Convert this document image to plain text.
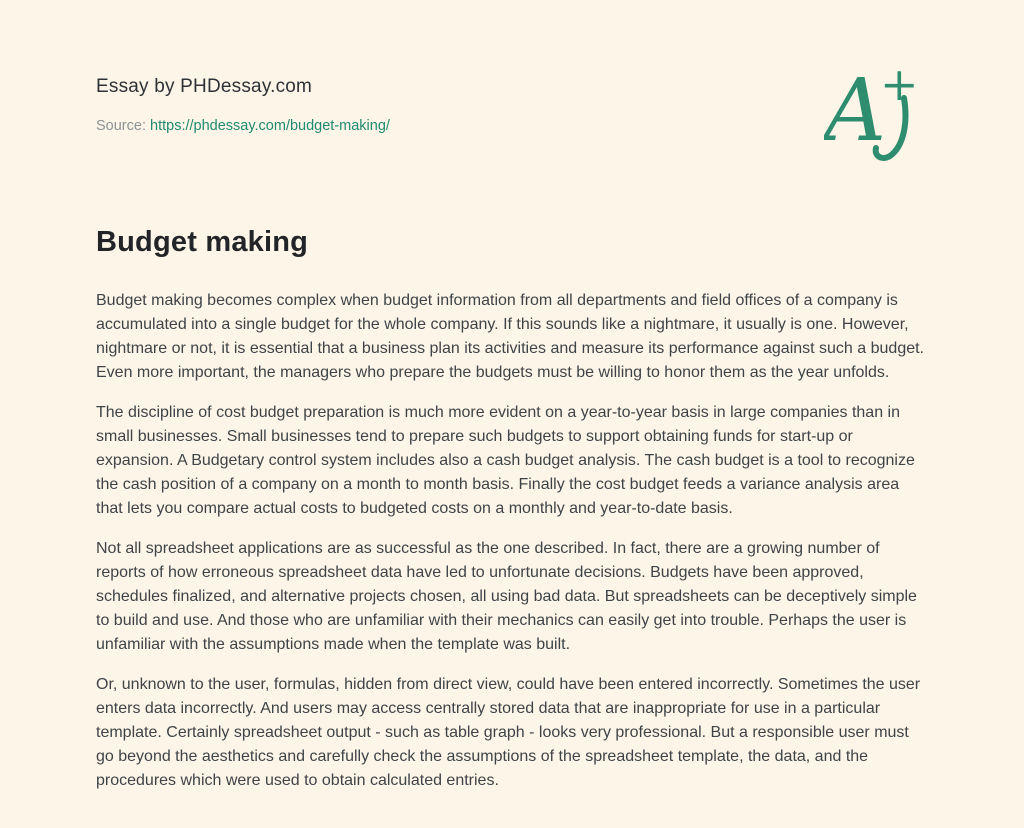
Essay by PHDessay.com
Source: https://phdessay.com/budget-making/	A
+
Budget making

Budget making becomes complex when budget information from all departments and field offices of a company is accumulated into a single budget for the whole company. If this sounds like a nightmare, it usually is one. However, nightmare or not, it is essential that a business plan its activities and measure its performance against such a budget. Even more important, the managers who prepare the budgets must be willing to honor them as the year unfolds.

The discipline of cost budget preparation is much more evident on a year-to-year basis in large companies than in small businesses. Small businesses tend to prepare such budgets to support obtaining funds for start-up or expansion. A Budgetary control system includes also a cash budget analysis. The cash budget is a tool to recognize the cash position of a company on a month to month basis. Finally the cost budget feeds a variance analysis area that lets you compare actual costs to budgeted costs on a monthly and year-to-date basis.

Not all spreadsheet applications are as successful as the one described. In fact, there are a growing number of reports of how erroneous spreadsheet data have led to unfortunate decisions. Budgets have been approved, schedules finalized, and alternative projects chosen, all using bad data. But spreadsheets can be deceptively simple to build and use. And those who are unfamiliar with their mechanics can easily get into trouble. Perhaps the user is unfamiliar with the assumptions made when the template was built.

Or, unknown to the user, formulas, hidden from direct view, could have been entered incorrectly. Sometimes the user enters data incorrectly. And users may access centrally stored data that are inappropriate for use in a particular template. Certainly spreadsheet output - such as table graph - looks very professional. But a responsible user must go beyond the aesthetics and carefully check the assumptions of the spreadsheet template, the data, and the procedures which were used to obtain calculated entries.
